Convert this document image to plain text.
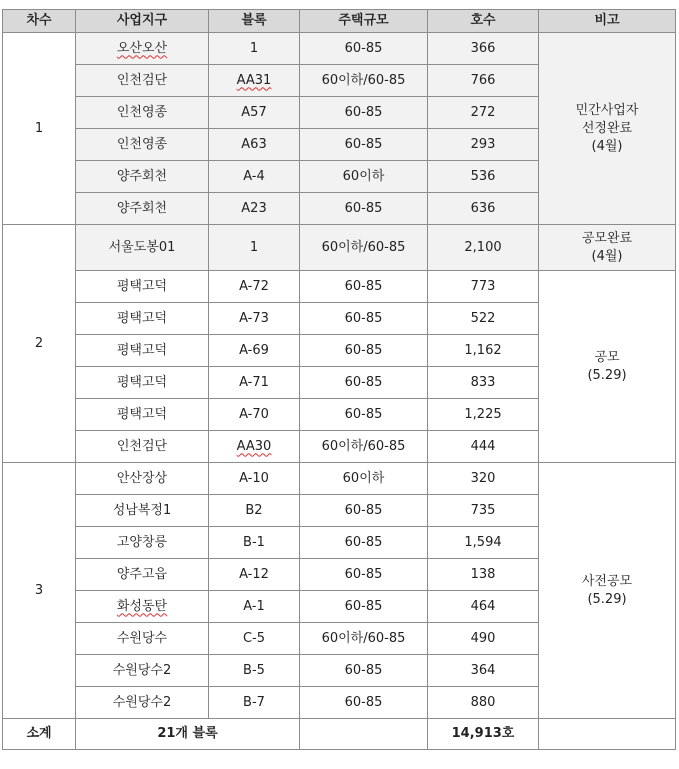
차수	사업지구	블록	주택규모	호수	비고
1	오산오산	1	60-85	366	민간사업자
선정완료
(4월)
	인천검단	AA31	60이하/60-85	766	
	인천영종	A57	60-85	272	
	인천영종	A63	60-85	293	
	양주회천	A-4	60이하	536	
	양주회천	A23	60-85	636	
2	서울도봉01	1	60이하/60-85	2,100	공모완료
(4월)
	평택고덕	A-72	60-85	773	공모
(5.29)
	평택고덕	A-73	60-85	522	
	평택고덕	A-69	60-85	1,162	
	평택고덕	A-71	60-85	833	
	평택고덕	A-70	60-85	1,225	
	인천검단	AA30	60이하/60-85	444	
3	안산장상	A-10	60이하	320	사전공모
(5.29)
	성남복정1	B2	60-85	735	
	고양창릉	B-1	60-85	1,594	
	양주고읍	A-12	60-85	138	
	화성동탄	A-1	60-85	464	
	수원당수	C-5	60이하/60-85	490	
	수원당수2	B-5	60-85	364	
	수원당수2	B-7	60-85	880	
소계	21개 블록			14,913호	
